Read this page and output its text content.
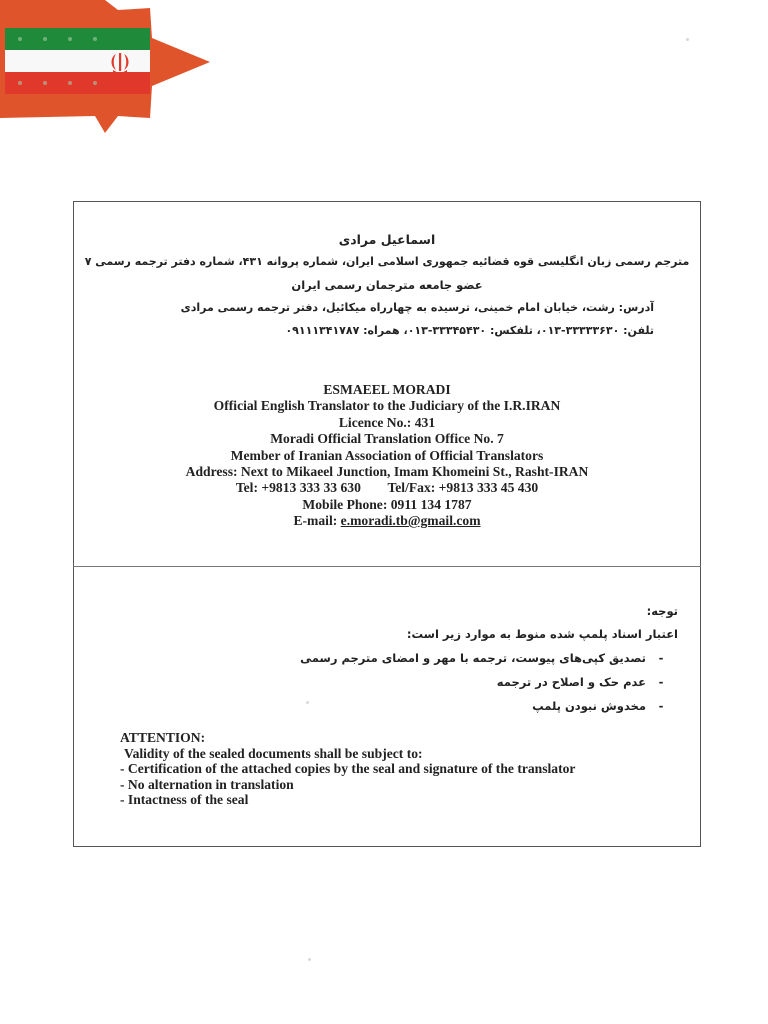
اسماعیل مرادی
مترجم رسمی زبان انگلیسی قوه قضائیه جمهوری اسلامی ایران، شماره پروانه ۴۳۱، شماره دفتر ترجمه رسمی ۷
عضو جامعه مترجمان رسمی ایران
آدرس: رشت، خیابان امام خمینی، ترسیده به چهارراه میکائیل، دفتر ترجمه رسمی مرادی
تلفن: ۳۳۳۳۳۶۳۰-۰۱۳، تلفکس: ۳۳۳۴۵۴۳۰-۰۱۳، همراه: ۰۹۱۱۱۳۴۱۷۸۷
ESMAEEL MORADI
Official English Translator to the Judiciary of the I.R.IRAN
Licence No.: 431
Moradi Official Translation Office No. 7
Member of Iranian Association of Official Translators
Address: Next to Mikaeel Junction, Imam Khomeini St., Rasht-IRAN
Tel: +9813 333 33 630 Tel/Fax: +9813 333 45 430
Mobile Phone: 0911 134 1787
E-mail: e.moradi.tb@gmail.com
توجه:
اعتبار اسناد پلمپ شده منوط به موارد زیر است:
-تصدیق کپی‌های پیوست، ترجمه با مهر و امضای مترجم رسمی
-عدم حک و اصلاح در ترجمه
-مخدوش نبودن پلمپ
ATTENTION:
Validity of the sealed documents shall be subject to:
- Certification of the attached copies by the seal and signature of the translator
- No alternation in translation
- Intactness of the seal
